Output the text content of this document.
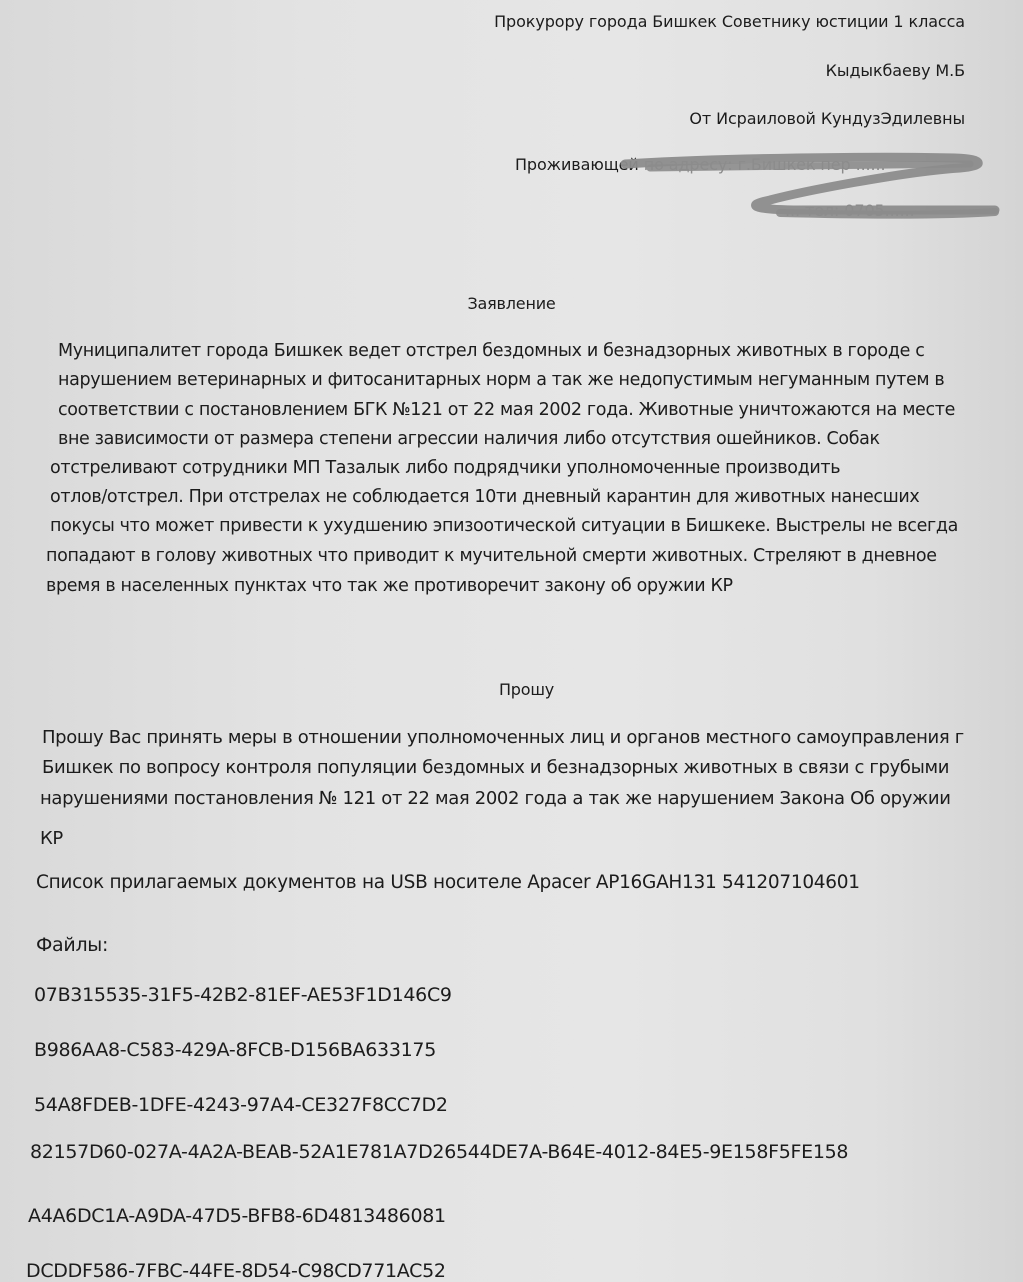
Прокурору города Бишкек Советнику юстиции 1 класса
Кыдыкбаеву М.Б
От Исраиловой КундузЭдилевны
Проживающей по адресу: г.Бишкек пер ......
... тел: 0705......
Заявление
Муниципалитет города Бишкек ведет отстрел бездомных и безнадзорных животных в городе с
нарушением ветеринарных и фитосанитарных норм а так же недопустимым негуманным путем в
соответствии с постановлением БГК №121 от 22 мая 2002 года. Животные уничтожаются на месте
вне зависимости от размера степени агрессии наличия либо отсутствия ошейников. Собак
отстреливают сотрудники МП Тазалык либо подрядчики уполномоченные производить
отлов/отстрел. При отстрелах не соблюдается 10ти дневный карантин для животных нанесших
покусы что может привести к ухудшению эпизоотической ситуации в Бишкеке. Выстрелы не всегда
попадают в голову животных что приводит к мучительной смерти животных. Стреляют в дневное
время в населенных пунктах что так же противоречит закону об оружии КР
Прошу
Прошу Вас принять меры в отношении уполномоченных лиц и органов местного самоуправления г
Бишкек по вопросу контроля популяции бездомных и безнадзорных животных в связи с грубыми
нарушениями постановления № 121 от 22 мая 2002 года а так же нарушением Закона Об оружии
КР
Список прилагаемых документов на USB носителе Apacer AP16GAH131 541207104601
Файлы:
07B315535-31F5-42B2-81EF-AE53F1D146C9
B986AA8-C583-429A-8FCB-D156BA633175
54A8FDEB-1DFE-4243-97A4-CE327F8CC7D2
82157D60-027A-4A2A-BEAB-52A1E781A7D26544DE7A-B64E-4012-84E5-9E158F5FE158
A4A6DC1A-A9DA-47D5-BFB8-6D4813486081
DCDDF586-7FBC-44FE-8D54-C98CD771AC52
